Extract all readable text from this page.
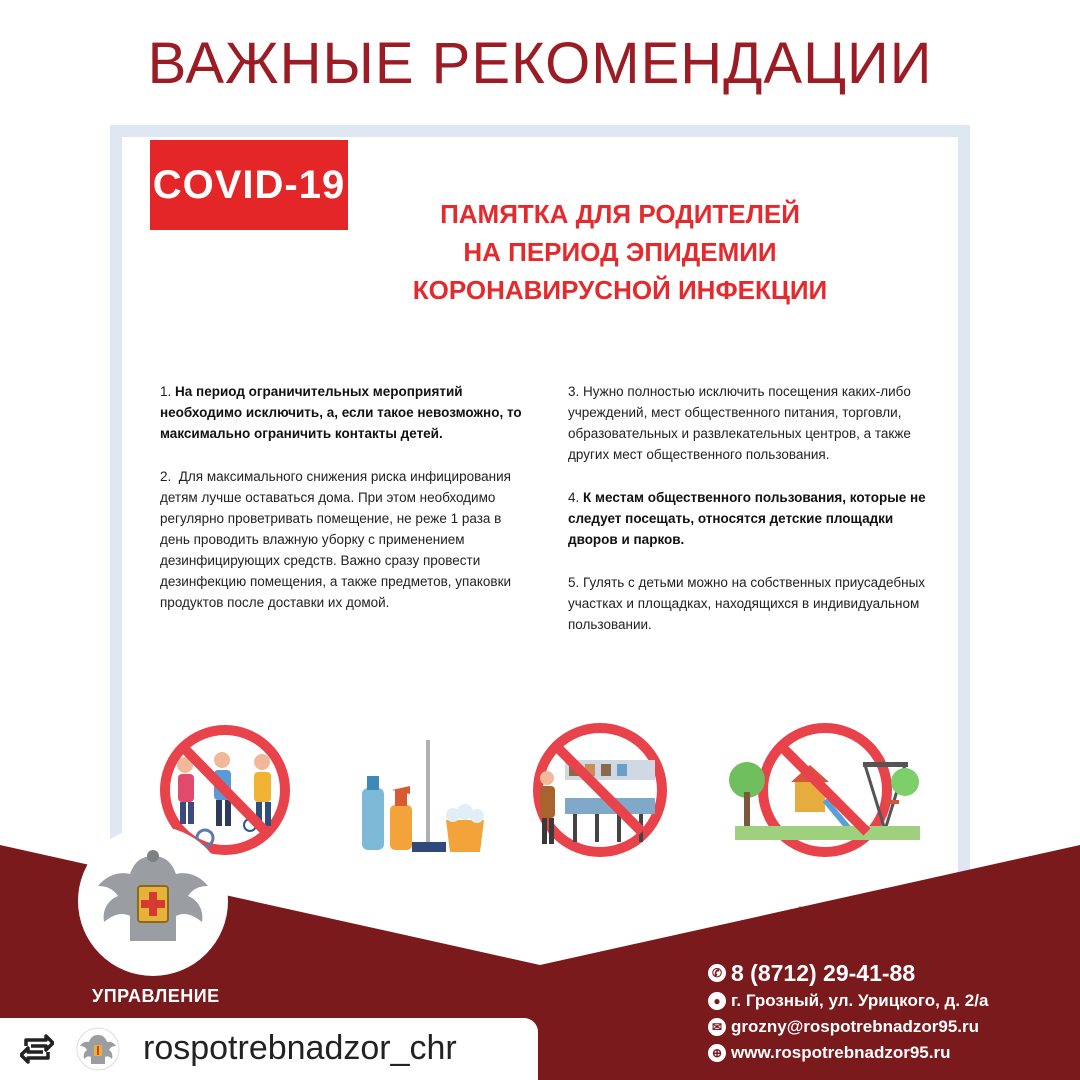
ВАЖНЫЕ РЕКОМЕНДАЦИИ
COVID-19
ПАМЯТКА ДЛЯ РОДИТЕЛЕЙ
НА ПЕРИОД ЭПИДЕМИИ
КОРОНАВИРУСНОЙ ИНФЕКЦИИ

1. На период ограничительных мероприятий необходимо исключить, а, если такое невозможно, то максимально ограничить контакты детей.

2. Для максимального снижения риска инфицирования детям лучше оставаться дома. При этом необходимо регулярно проветривать помещение, не реже 1 раза в день проводить влажную уборку с применением дезинфицирующих средств. Важно сразу провести дезинфекцию помещения, а также предметов, упаковки продуктов после доставки их домой.

3. Нужно полностью исключить посещения каких-либо учреждений, мест общественного питания, торговли, образовательных и развлекательных центров, а также других мест общественного пользования.

4. К местам общественного пользования, которые не следует посещать, относятся детские площадки дворов и парков.

5. Гулять с детьми можно на собственных приусадебных участках и площадках, находящихся в индивидуальном пользовании.

УПРАВЛЕНИЕ
✆ 8 (8712) 29-41-88
● г. Грозный, ул. Урицкого, д. 2/а
✉ grozny@rospotrebnadzor95.ru
⊕ www.rospotrebnadzor95.ru
rospotrebnadzor_chr
